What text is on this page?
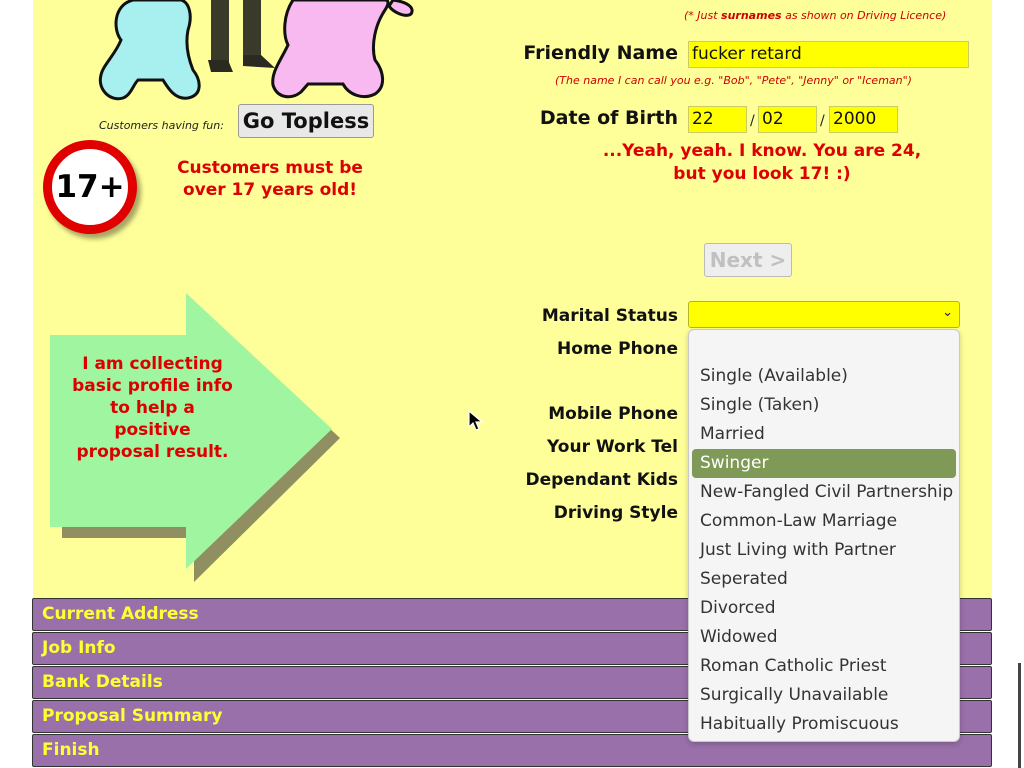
Customers having fun: Go Topless
17+
Customers must be over 17 years old!
I am collecting basic profile info to help a positive proposal result.
(* Just surnames as shown on Driving Licence)
Friendly Name fucker retard
(The name I can call you e.g. "Bob", "Pete", "Jenny" or "Iceman")
Date of Birth 22	/ 02	/ 2000
...Yeah, yeah. I know. You are 24,
but you look 17! :)
Next >
Marital Status	⌄
Home Phone
Mobile Phone
Your Work Tel
Dependant Kids
Driving Style
Current Address
Job Info
Bank Details
Proposal Summary
Finish
Single (Available)
Single (Taken)
Married
Swinger
New-Fangled Civil Partnership
Common-Law Marriage
Just Living with Partner
Seperated
Divorced
Widowed
Roman Catholic Priest
Surgically Unavailable
Habitually Promiscuous
